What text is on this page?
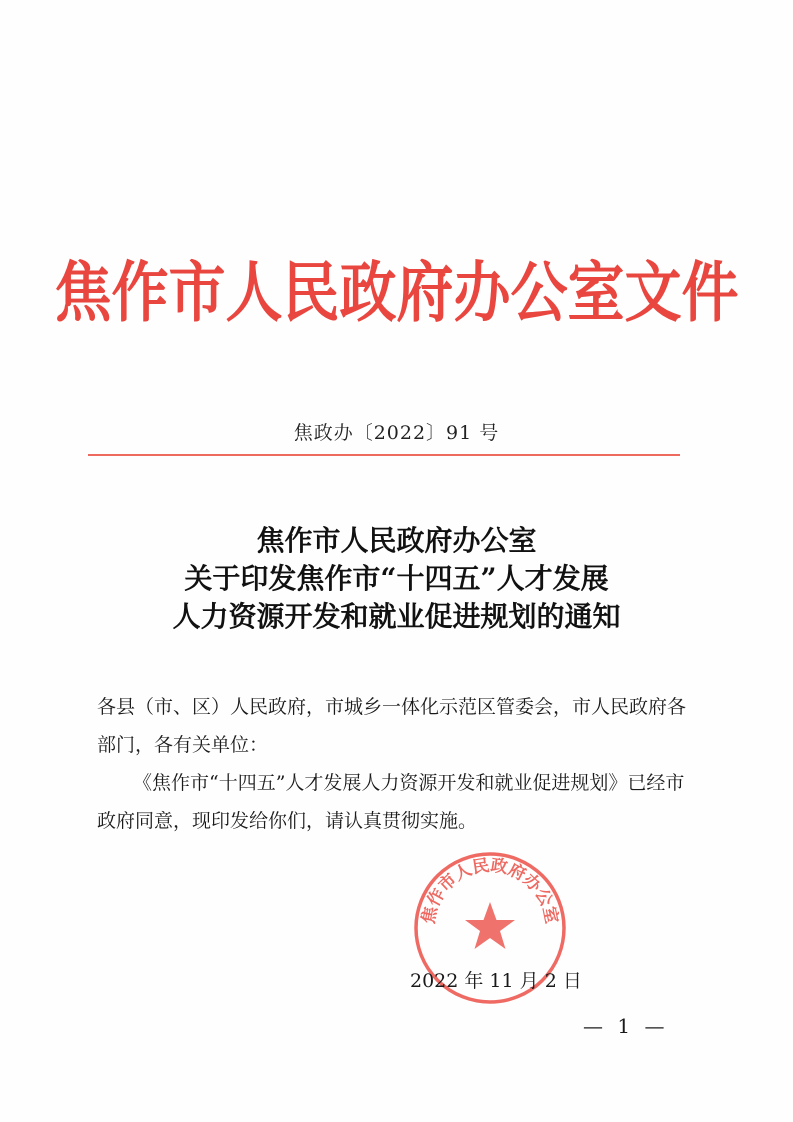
焦作市人民政府办公室文件
焦政办〔2022〕91 号
焦作市人民政府办公室
关于印发焦作市“十四五”人才发展
人力资源开发和就业促进规划的通知

各县（市、区）人民政府，市城乡一体化示范区管委会，市人民政府各部门，各有关单位：

《焦作市“十四五”人才发展人力资源开发和就业促进规划》已经市政府同意，现印发给你们，请认真贯彻实施。

焦作市人民政府办公室
2022 年 11 月 2 日
— 1 —
